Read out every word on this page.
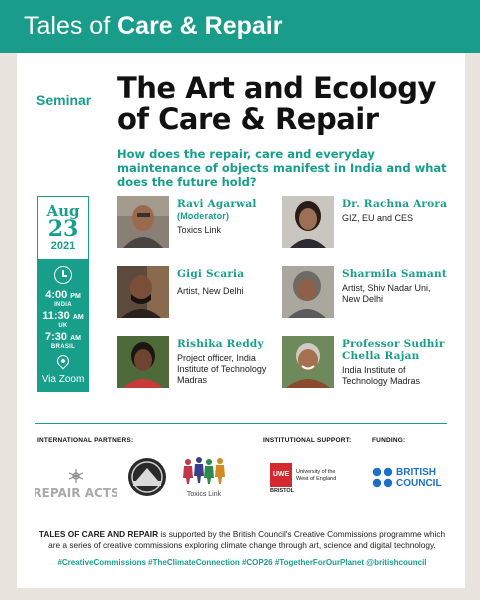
Tales of Care & Repair
Seminar The Art and Ecology of Care & Repair
How does the repair, care and everyday maintenance of objects manifest in India and what does the future hold?
Aug
23
2021
4:00 PM
INDIA
11:30 AM
UK
7:30 AM
BRASIL
Via Zoom
Ravi Agarwal
(Moderator)
Toxics Link
Dr. Rachna Arora
GIZ, EU and CES
Gigi Scaria
Artist, New Delhi
Sharmila Samant
Artist, Shiv Nadar Uni, New Delhi
Rishika Reddy
Project officer, India Institute of Technology Madras
Professor Sudhir Chella Rajan
India Institute of Technology Madras
INTERNATIONAL PARTNERS:	INSTITUTIONAL SUPPORT:	FUNDING:
REPAIR ACTS	Toxics Link
UWE
BRISTOL
University of the
West of England
BRITISH
COUNCIL
TALES OF CARE AND REPAIR is supported by the British Council's Creative Commissions programme which are a series of creative commissions exploring climate change through art, science and digital technology.
#CreativeCommissions #TheClimateConnection #COP26 #TogetherForOurPlanet @britishcouncil
